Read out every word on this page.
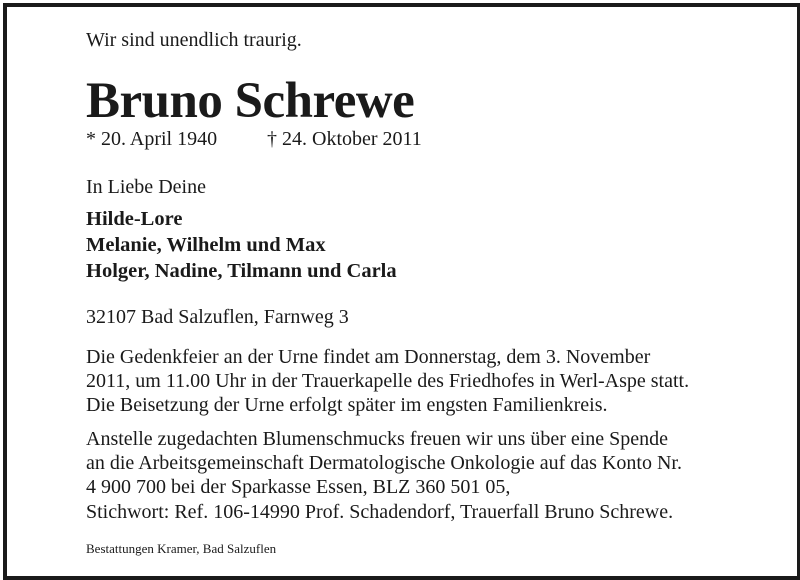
Wir sind unendlich traurig.
Bruno Schrewe
* 20. April 1940 † 24. Oktober 2011
In Liebe Deine
Hilde-Lore
Melanie, Wilhelm und Max
Holger, Nadine, Tilmann und Carla
32107 Bad Salzuflen, Farnweg 3
Die Gedenkfeier an der Urne findet am Donnerstag, dem 3. November
2011, um 11.00 Uhr in der Trauerkapelle des Friedhofes in Werl-Aspe statt.
Die Beisetzung der Urne erfolgt später im engsten Familienkreis.
Anstelle zugedachten Blumenschmucks freuen wir uns über eine Spende
an die Arbeitsgemeinschaft Dermatologische Onkologie auf das Konto Nr.
4 900 700 bei der Sparkasse Essen, BLZ 360 501 05,
Stichwort: Ref. 106-14990 Prof. Schadendorf, Trauerfall Bruno Schrewe.
Bestattungen Kramer, Bad Salzuflen
